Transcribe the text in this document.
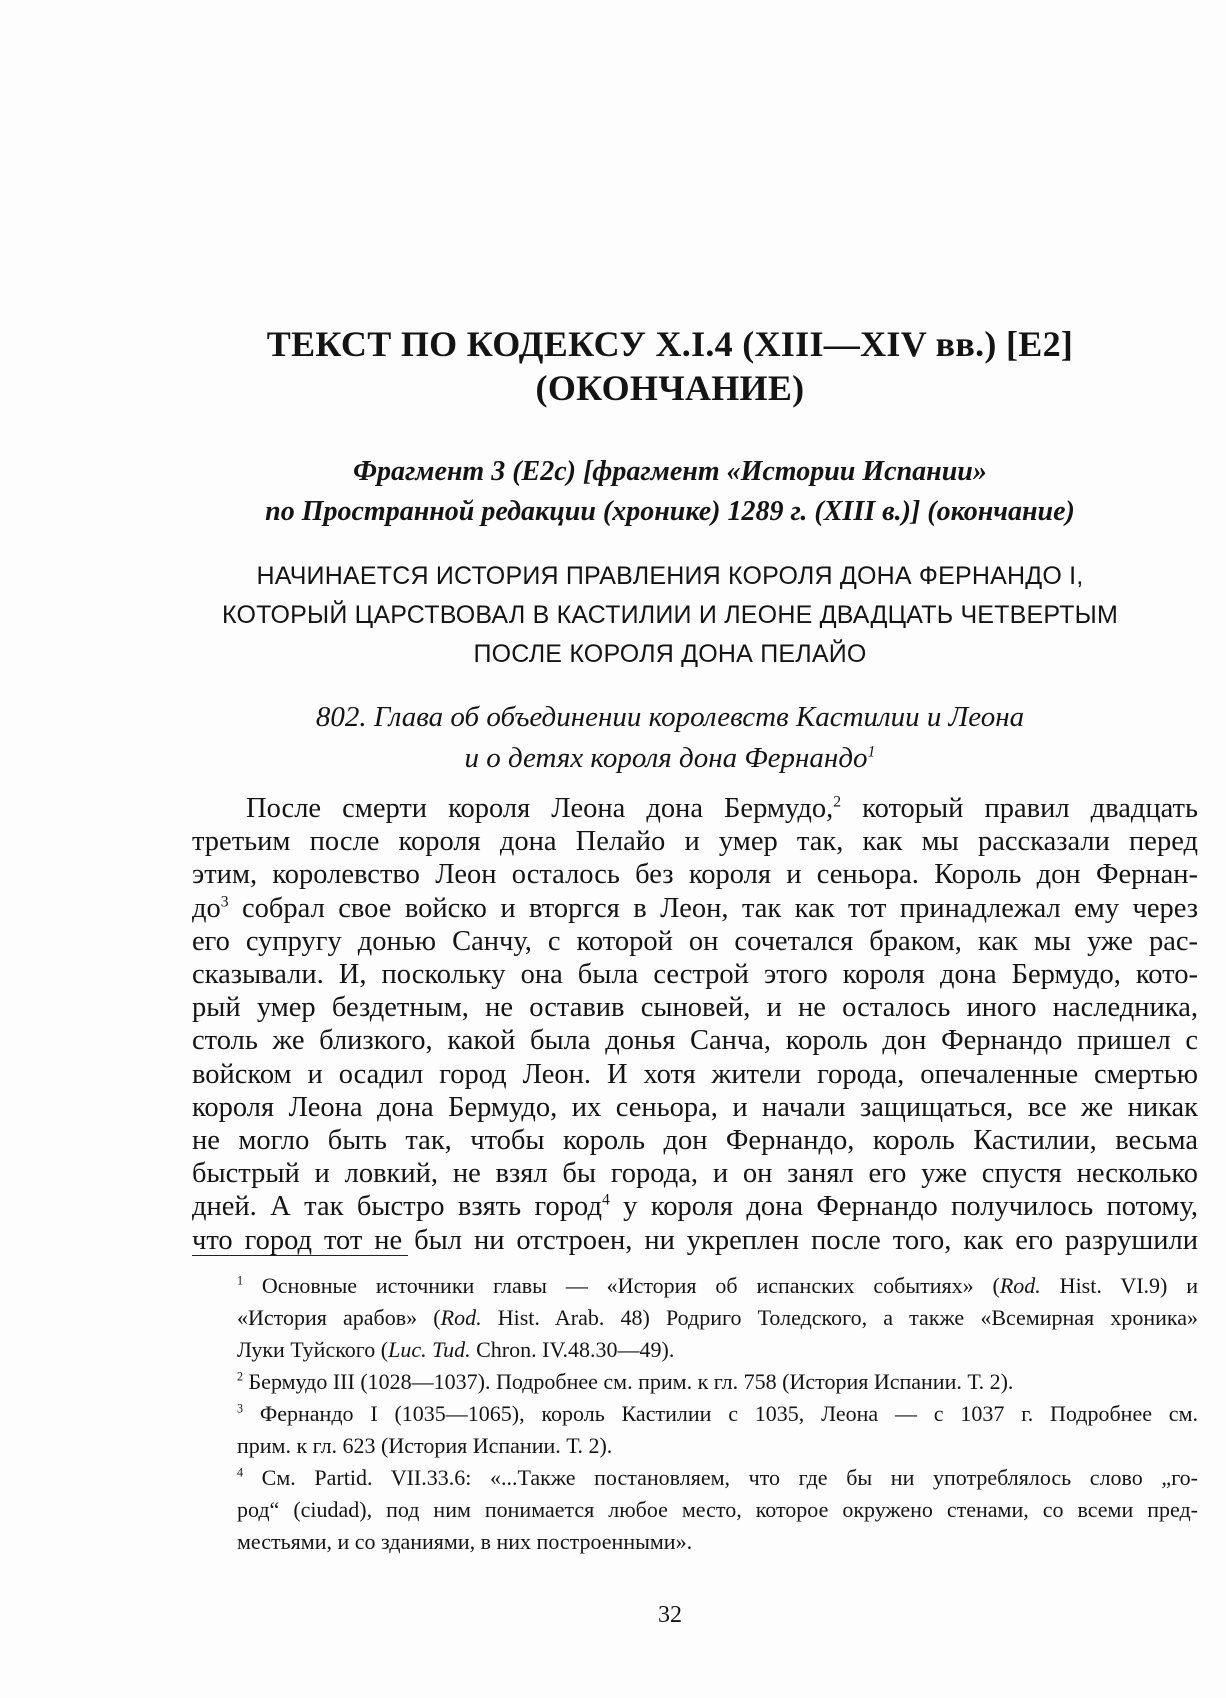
ТЕКСТ ПО КОДЕКСУ X.I.4 (XIII—XIV вв.) [Е2]
(ОКОНЧАНИЕ)
Фрагмент 3 (Е2с) [фрагмент «Истории Испании»
по Пространной редакции (хронике) 1289 г. (XIII в.)] (окончание)
НАЧИНАЕТСЯ ИСТОРИЯ ПРАВЛЕНИЯ КОРОЛЯ ДОНА ФЕРНАНДО I,
КОТОРЫЙ ЦАРСТВОВАЛ В КАСТИЛИИ И ЛЕОНЕ ДВАДЦАТЬ ЧЕТВЕРТЫМ
ПОСЛЕ КОРОЛЯ ДОНА ПЕЛАЙО
802. Глава об объединении королевств Кастилии и Леона
и о детях короля дона Фернандо$^1$
После смерти короля Леона дона Бермудо,$^2$ который правил двадцать
третьим после короля дона Пелайо и умер так, как мы рассказали перед
этим, королевство Леон осталось без короля и сеньора. Король дон Фернан-
$до^3$ собрал свое войско и вторгся в Леон, так как тот принадлежал ему через
его супругу донью Санчу, с которой он сочетался браком, как мы уже рас-
сказывали. И, поскольку она была сестрой этого короля дона Бермудо, кото-
рый умер бездетным, не оставив сыновей, и не осталось иного наследника,
столь же близкого, какой была донья Санча, король дон Фернандо пришел с
войском и осадил город Леон. И хотя жители города, опечаленные смертью
короля Леона дона Бермудо, их сеньора, и начали защищаться, все же никак
не могло быть так, чтобы король дон Фернандо, король Кастилии, весьма
быстрый и ловкий, не взял бы города, и он занял его уже спустя несколько
дней. А так быстро взять город$^4$ у короля дона Фернандо получилось потому,
что город тот не был ни отстроен, ни укреплен после того, как его разрушили
$^1$ Основные источники главы — «История об испанских событиях» (Rod. Hist. VI.9) и
«История арабов» (Rod. Hist. Arab. 48) Родриго Толедского, а также «Всемирная хроника»
Луки Туйского (Luc. Tud. Chron. IV.48.30—49).
$^2$ Бермудо III (1028—1037). Подробнее см. прим. к гл. 758 (История Испании. Т. 2).
$^3$ Фернандо I (1035—1065), король Кастилии с 1035, Леона — с 1037 г. Подробнее см.
прим. к гл. 623 (История Испании. Т. 2).
$^4$ См. Partid. VII.33.6: «...Также постановляем, что где бы ни употреблялось слово „го-
род“ (ciudad), под ним понимается любое место, которое окружено стенами, со всеми пред-
местьями, и со зданиями, в них построенными».
32
